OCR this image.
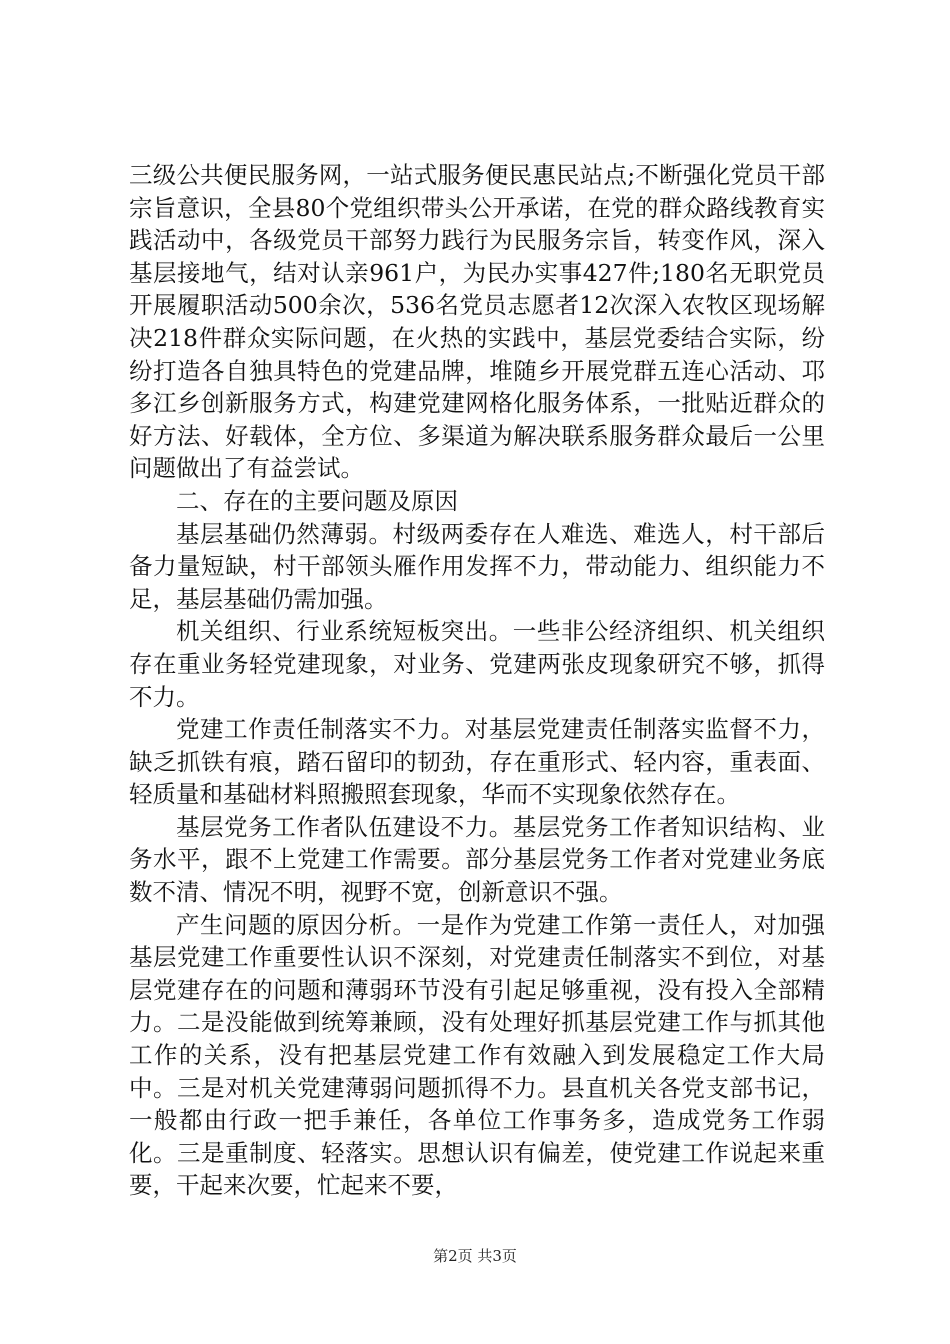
三级公共便民服务网，一站式服务便民惠民站点;不断强化党员干部宗旨意识，全县80个党组织带头公开承诺，在党的群众路线教育实践活动中，各级党员干部努力践行为民服务宗旨，转变作风，深入基层接地气，结对认亲961户，为民办实事427件;180名无职党员开展履职活动500余次，536名党员志愿者12次深入农牧区现场解决218件群众实际问题，在火热的实践中，基层党委结合实际，纷纷打造各自独具特色的党建品牌，堆随乡开展党群五连心活动、邛多江乡创新服务方式，构建党建网格化服务体系，一批贴近群众的好方法、好载体，全方位、多渠道为解决联系服务群众最后一公里问题做出了有益尝试。

二、存在的主要问题及原因

基层基础仍然薄弱。村级两委存在人难选、难选人，村干部后备力量短缺，村干部领头雁作用发挥不力，带动能力、组织能力不足，基层基础仍需加强。

机关组织、行业系统短板突出。一些非公经济组织、机关组织存在重业务轻党建现象，对业务、党建两张皮现象研究不够，抓得不力。

党建工作责任制落实不力。对基层党建责任制落实监督不力，缺乏抓铁有痕，踏石留印的韧劲，存在重形式、轻内容，重表面、轻质量和基础材料照搬照套现象，华而不实现象依然存在。

基层党务工作者队伍建设不力。基层党务工作者知识结构、业务水平，跟不上党建工作需要。部分基层党务工作者对党建业务底数不清、情况不明，视野不宽，创新意识不强。

产生问题的原因分析。一是作为党建工作第一责任人，对加强基层党建工作重要性认识不深刻，对党建责任制落实不到位，对基层党建存在的问题和薄弱环节没有引起足够重视，没有投入全部精力。二是没能做到统筹兼顾，没有处理好抓基层党建工作与抓其他工作的关系，没有把基层党建工作有效融入到发展稳定工作大局中。三是对机关党建薄弱问题抓得不力。县直机关各党支部书记，一般都由行政一把手兼任，各单位工作事务多，造成党务工作弱化。三是重制度、轻落实。思想认识有偏差，使党建工作说起来重要，干起来次要，忙起来不要，

第2页 共3页
